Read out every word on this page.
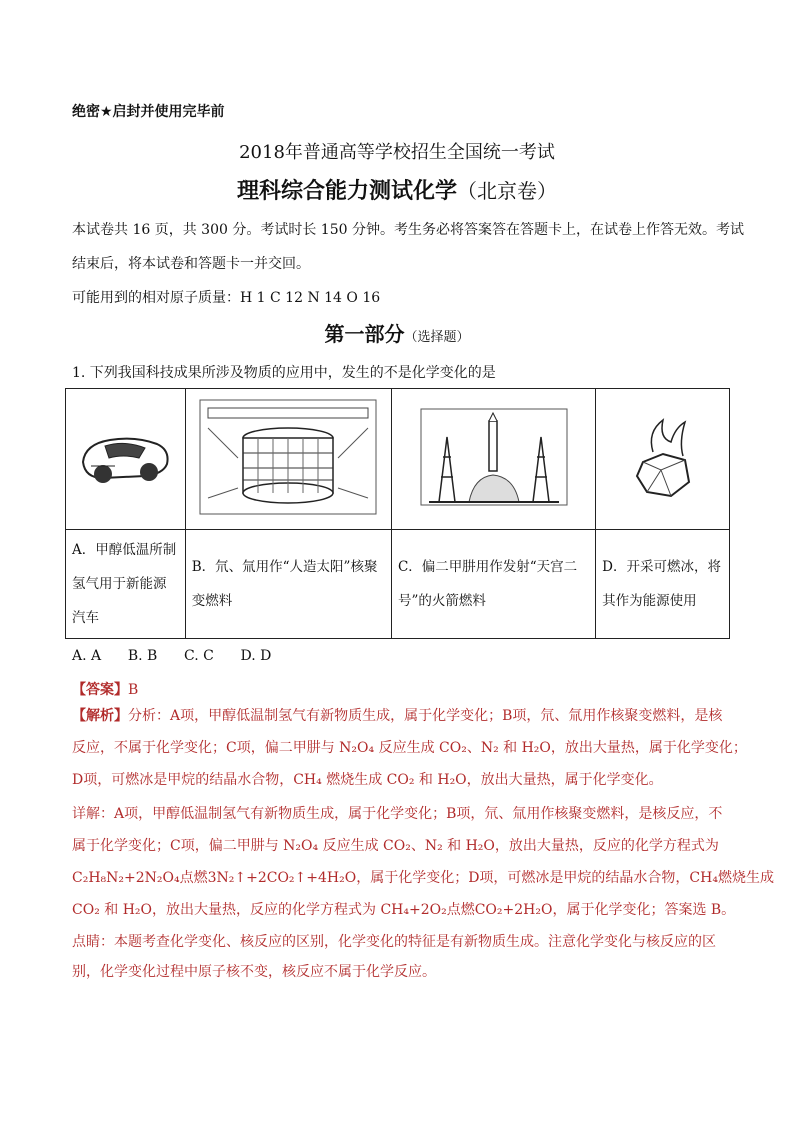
绝密★启封并使用完毕前
2018年普通高等学校招生全国统一考试
理科综合能力测试化学（北京卷）
本试卷共 16 页，共 300 分。考试时长 150 分钟。考生务必将答案答在答题卡上，在试卷上作答无效。考试
结束后，将本试卷和答题卡一并交回。
可能用到的相对原子质量：H 1 C 12 N 14 O 16
第一部分（选择题）
1. 下列我国科技成果所涉及物质的应用中，发生的不是化学变化的是

A．甲醇低温所制氢气用于新能源汽车	B．氘、氚用作“人造太阳”核聚变燃料	C．偏二甲肼用作发射“天宫二号”的火箭燃料	D．开采可燃冰，将其作为能源使用
A. A      B. B      C. C      D. D
【答案】B
【解析】分析：A项，甲醇低温制氢气有新物质生成，属于化学变化；B项，氘、氚用作核聚变燃料，是核
反应，不属于化学变化；C项，偏二甲肼与 N₂O₄ 反应生成 CO₂、N₂ 和 H₂O，放出大量热，属于化学变化；
D项，可燃冰是甲烷的结晶水合物，CH₄ 燃烧生成 CO₂ 和 H₂O，放出大量热，属于化学变化。
详解：A项，甲醇低温制氢气有新物质生成，属于化学变化；B项，氘、氚用作核聚变燃料，是核反应，不
属于化学变化；C项，偏二甲肼与 N₂O₄ 反应生成 CO₂、N₂ 和 H₂O，放出大量热，反应的化学方程式为
C₂H₈N₂+2N₂O₄点燃3N₂↑+2CO₂↑+4H₂O，属于化学变化；D项，可燃冰是甲烷的结晶水合物，CH₄燃烧生成
CO₂ 和 H₂O，放出大量热，反应的化学方程式为 CH₄+2O₂点燃CO₂+2H₂O，属于化学变化；答案选 B。
点睛：本题考查化学变化、核反应的区别，化学变化的特征是有新物质生成。注意化学变化与核反应的区
别，化学变化过程中原子核不变，核反应不属于化学反应。
